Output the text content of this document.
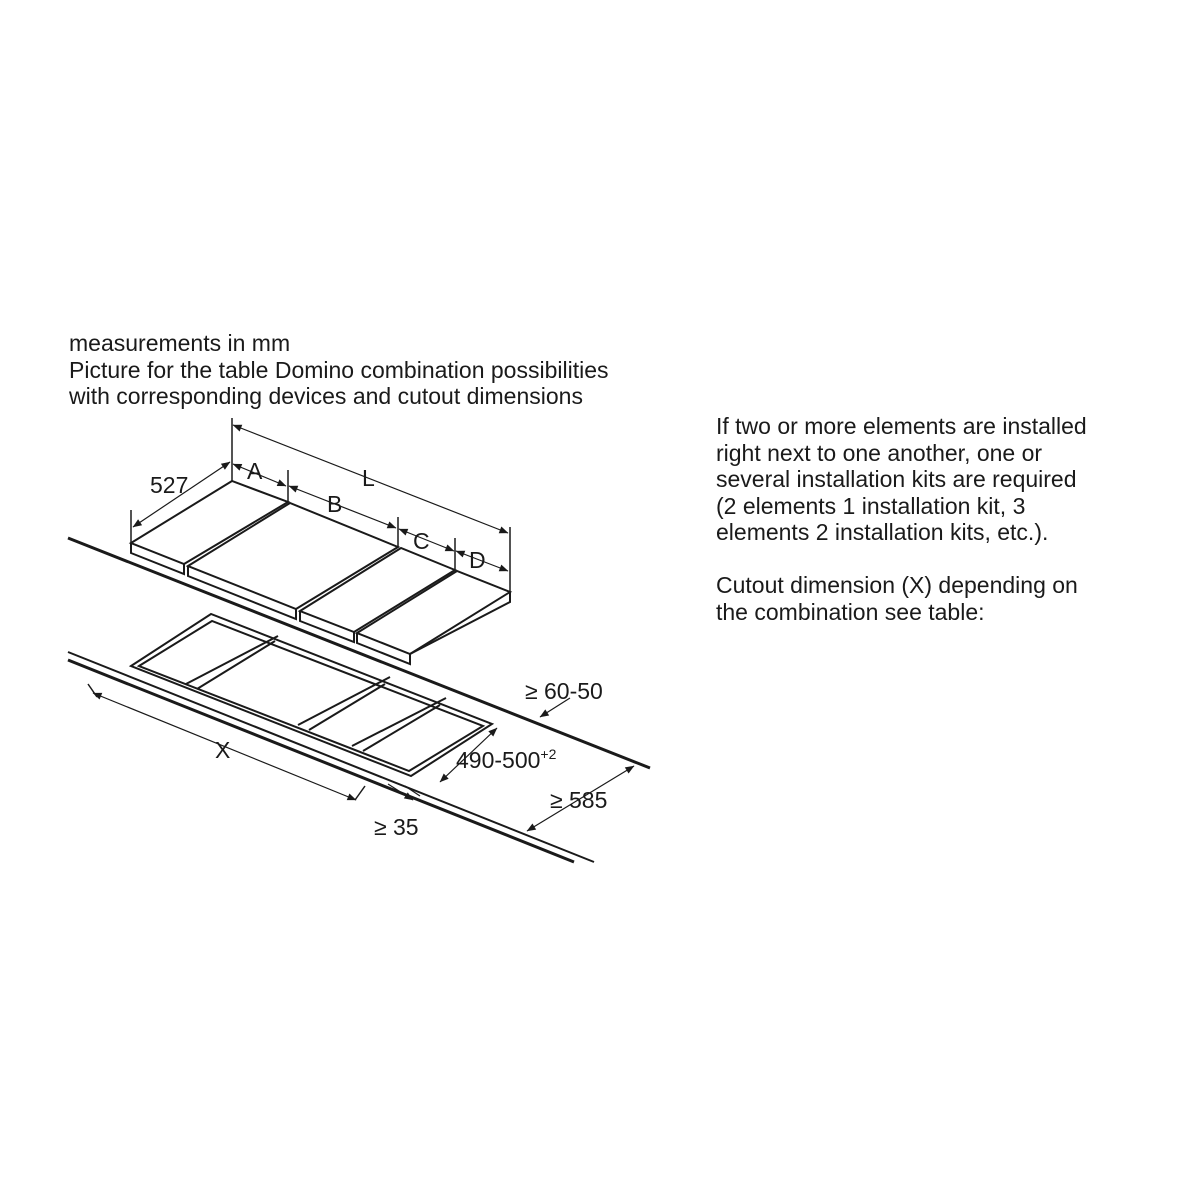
measurements in mm
Picture for the table Domino combination possibilities
with corresponding devices and cutout dimensions
If two or more elements are installed
right next to one another, one or
several installation kits are required
(2 elements 1 installation kit, 3
elements 2 installation kits, etc.).
Cutout dimension (X) depending on
the combination see table:
527
A
B
C
D
L
X
≥ 60-50
$490-500^{+2}$
≥ 585
≥ 35
